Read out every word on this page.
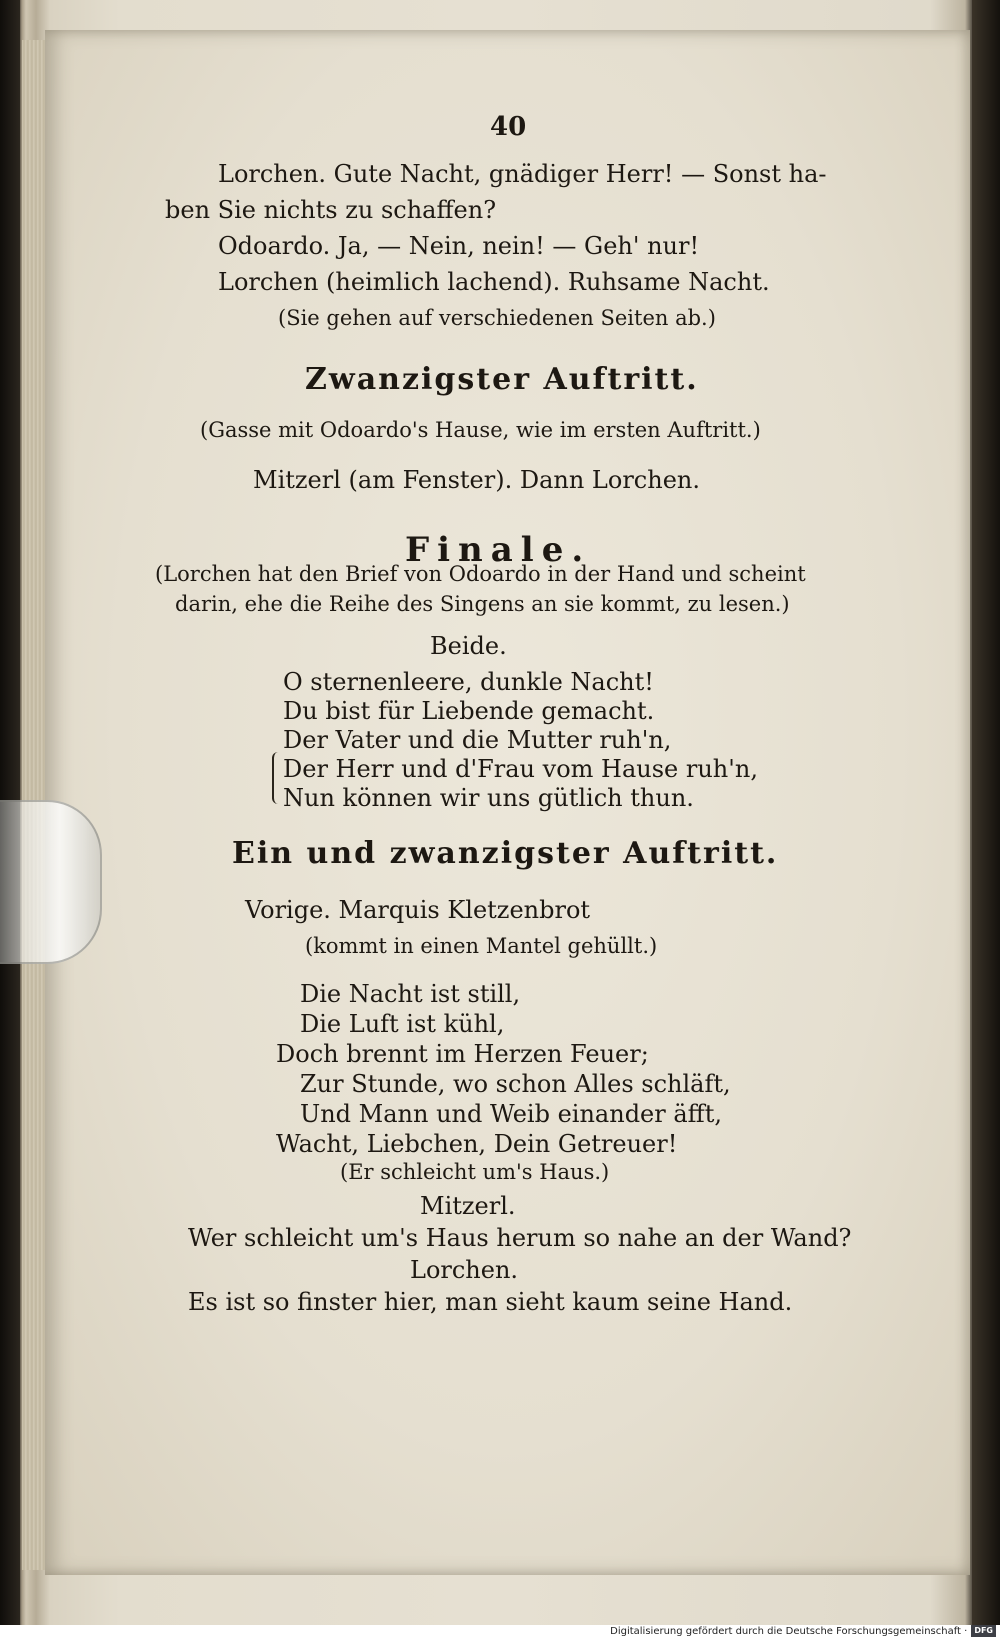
40
Lorchen. Gute Nacht, gnädiger Herr! — Sonst ha-
ben Sie nichts zu schaffen?
Odoardo. Ja, — Nein, nein! — Geh' nur!
Lorchen (heimlich lachend). Ruhsame Nacht.
(Sie gehen auf verschiedenen Seiten ab.)
Zwanzigster Auftritt.
(Gasse mit Odoardo's Hause, wie im ersten Auftritt.)
Mitzerl (am Fenster). Dann Lorchen.
Finale.
(Lorchen hat den Brief von Odoardo in der Hand und scheint
darin, ehe die Reihe des Singens an sie kommt, zu lesen.)
Beide.
O sternenleere, dunkle Nacht!
Du bist für Liebende gemacht.
Der Vater und die Mutter ruh'n,
Der Herr und d'Frau vom Hause ruh'n,
Nun können wir uns gütlich thun.
Ein und zwanzigster Auftritt.
Vorige. Marquis Kletzenbrot
(kommt in einen Mantel gehüllt.)
Die Nacht ist still,
Die Luft ist kühl,
Doch brennt im Herzen Feuer;
Zur Stunde, wo schon Alles schläft,
Und Mann und Weib einander äfft,
Wacht, Liebchen, Dein Getreuer!
(Er schleicht um's Haus.)
Mitzerl.
Wer schleicht um's Haus herum so nahe an der Wand?
Lorchen.
Es ist so finster hier, man sieht kaum seine Hand.
Digitalisierung gefördert durch die Deutsche Forschungsgemeinschaft · DFG
